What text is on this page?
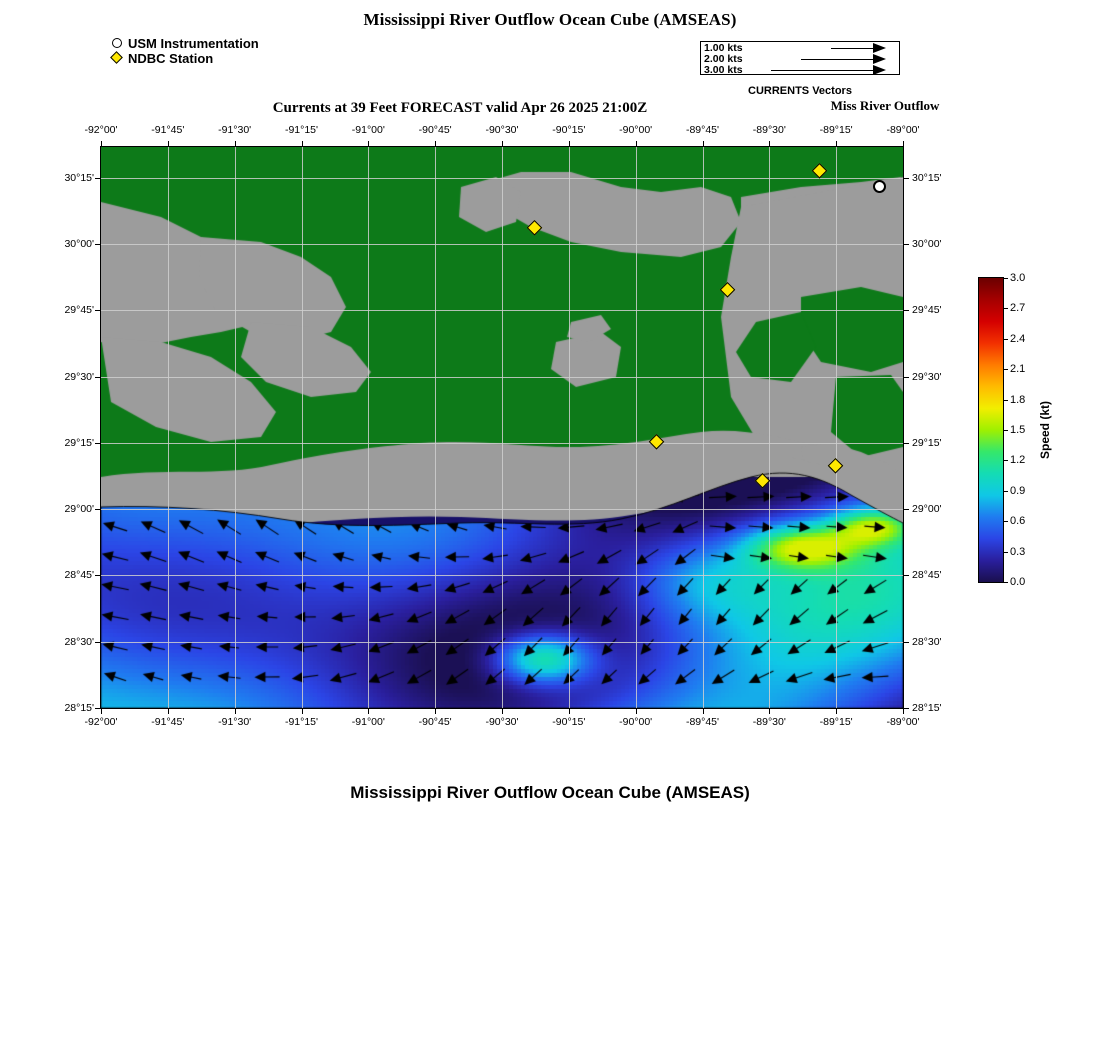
Mississippi River Outflow Ocean Cube (AMSEAS)
Currents at 39 Feet FORECAST valid Apr 26 2025 21:00Z	Miss River Outflow
Mississippi River Outflow Ocean Cube (AMSEAS)
USM Instrumentation
NDBC Station
1.00 kts
2.00 kts
3.00 kts
CURRENTS Vectors
-92°00'
-92°00'
-91°45'
-91°45'
-91°30'
-91°30'
-91°15'
-91°15'
-91°00'
-91°00'
-90°45'
-90°45'
-90°30'
-90°30'
-90°15'
-90°15'
-90°00'
-90°00'
-89°45'
-89°45'
-89°30'
-89°30'
-89°15'
-89°15'
-89°00'
-89°00'
30°15'	30°15'
30°00'	30°00'
29°45'	29°45'
29°30'	29°30'
29°15'	29°15'
29°00'	29°00'
28°45'	28°45'
28°30'	28°30'
28°15'	28°15'
3.0
2.7
2.4
2.1
1.8
1.5
1.2
0.9
0.6
0.3
0.0
Speed (kt)
